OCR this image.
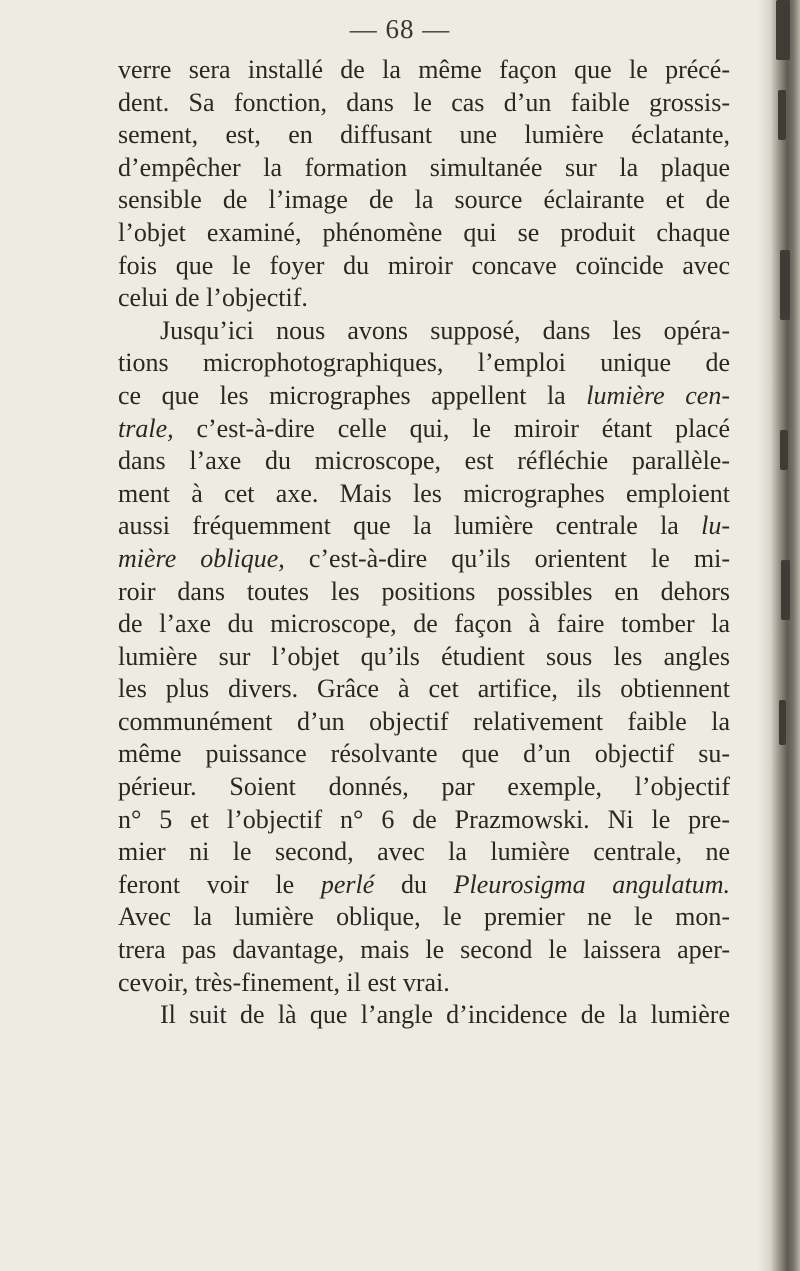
— 68 —
verre sera installé de la même façon que le précé-
dent. Sa fonction, dans le cas d’un faible grossis-
sement, est, en diffusant une lumière éclatante,
d’empêcher la formation simultanée sur la plaque
sensible de l’image de la source éclairante et de
l’objet examiné, phénomène qui se produit chaque
fois que le foyer du miroir concave coïncide avec
celui de l’objectif.
Jusqu’ici nous avons supposé, dans les opéra-
tions microphotographiques, l’emploi unique de
ce que les micrographes appellent la lumière cen-
trale, c’est-à-dire celle qui, le miroir étant placé
dans l’axe du microscope, est réfléchie parallèle-
ment à cet axe. Mais les micrographes emploient
aussi fréquemment que la lumière centrale la lu-
mière oblique, c’est-à-dire qu’ils orientent le mi-
roir dans toutes les positions possibles en dehors
de l’axe du microscope, de façon à faire tomber la
lumière sur l’objet qu’ils étudient sous les angles
les plus divers. Grâce à cet artifice, ils obtiennent
communément d’un objectif relativement faible la
même puissance résolvante que d’un objectif su-
périeur. Soient donnés, par exemple, l’objectif
n° 5 et l’objectif n° 6 de Prazmowski. Ni le pre-
mier ni le second, avec la lumière centrale, ne
feront voir le perlé du Pleurosigma angulatum.
Avec la lumière oblique, le premier ne le mon-
trera pas davantage, mais le second le laissera aper-
cevoir, très-finement, il est vrai.
Il suit de là que l’angle d’incidence de la lumière
